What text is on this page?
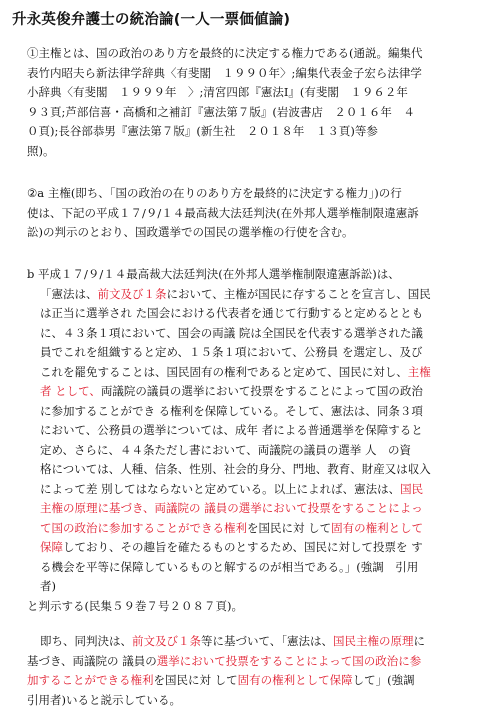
升永英俊弁護士の統治論(一人一票価値論)
①主権とは、国の政治のあり方を最終的に決定する権力である(通説。編集代
表竹内昭夫ら新法律学辞典〈有斐閣　１９９０年〉;編集代表金子宏ら法律学
小辞典〈有斐閣　１９９９年　〉;清宮四郎『憲法Ⅰ』(有斐閣　１９６２年
９３頁;芦部信喜・高橋和之補訂『憲法第７版』(岩波書店　２０１６年　４
０頁);長谷部恭男『憲法第７版』(新生社　２０１８年　１３頁)等参
照)。
②a 主権(即ち、「国の政治の在りのあり方を最終的に決定する権力」)の行
使は、下記の平成１７/９/１４最高裁大法廷判決(在外邦人選挙権制限違憲訴
訟)の判示のとおり、国政選挙での国民の選挙権の行使を含む。
b 平成１７/９/１４最高裁大法廷判決(在外邦人選挙権制限違憲訴訟)は、
「憲法は、前文及び１条において、主権が国民に存することを宣言し、国民
は正当に選挙され た国会における代表者を通じて行動すると定めるととも
に、４３条１項において、国会の両議 院は全国民を代表する選挙された議
員でこれを組織すると定め、１５条１項において、公務員 を選定し、及び
これを罷免することは、国民固有の権利であると定めて、国民に対し、主権
者 として、両議院の議員の選挙において投票をすることによって国の政治
に参加することができ る権利を保障している。そして、憲法は、同条３項
において、公務員の選挙については、成年 者による普通選挙を保障すると
定め、さらに、４４条ただし書において、両議院の議員の選挙 人　の資
格については、人種、信条、性別、社会的身分、門地、教育、財産又は収入
によって差 別してはならないと定めている。以上によれば、憲法は、国民
主権の原理に基づき、両議院の 議員の選挙において投票をすることによっ
て国の政治に参加することができる権利を国民に対 して固有の権利として
保障しており、その趣旨を確たるものとするため、国民に対して投票を す
る機会を平等に保障しているものと解するのが相当である。」(強調　引用
者)
と判示する(民集５９巻７号２０８７頁)。
即ち、同判決は、前文及び１条等に基づいて、「憲法は、国民主権の原理に
基づき、両議院の 議員の選挙において投票をすることによって国の政治に参
加することができる権利を国民に対 して固有の権利として保障して」(強調
引用者)いると説示している。
